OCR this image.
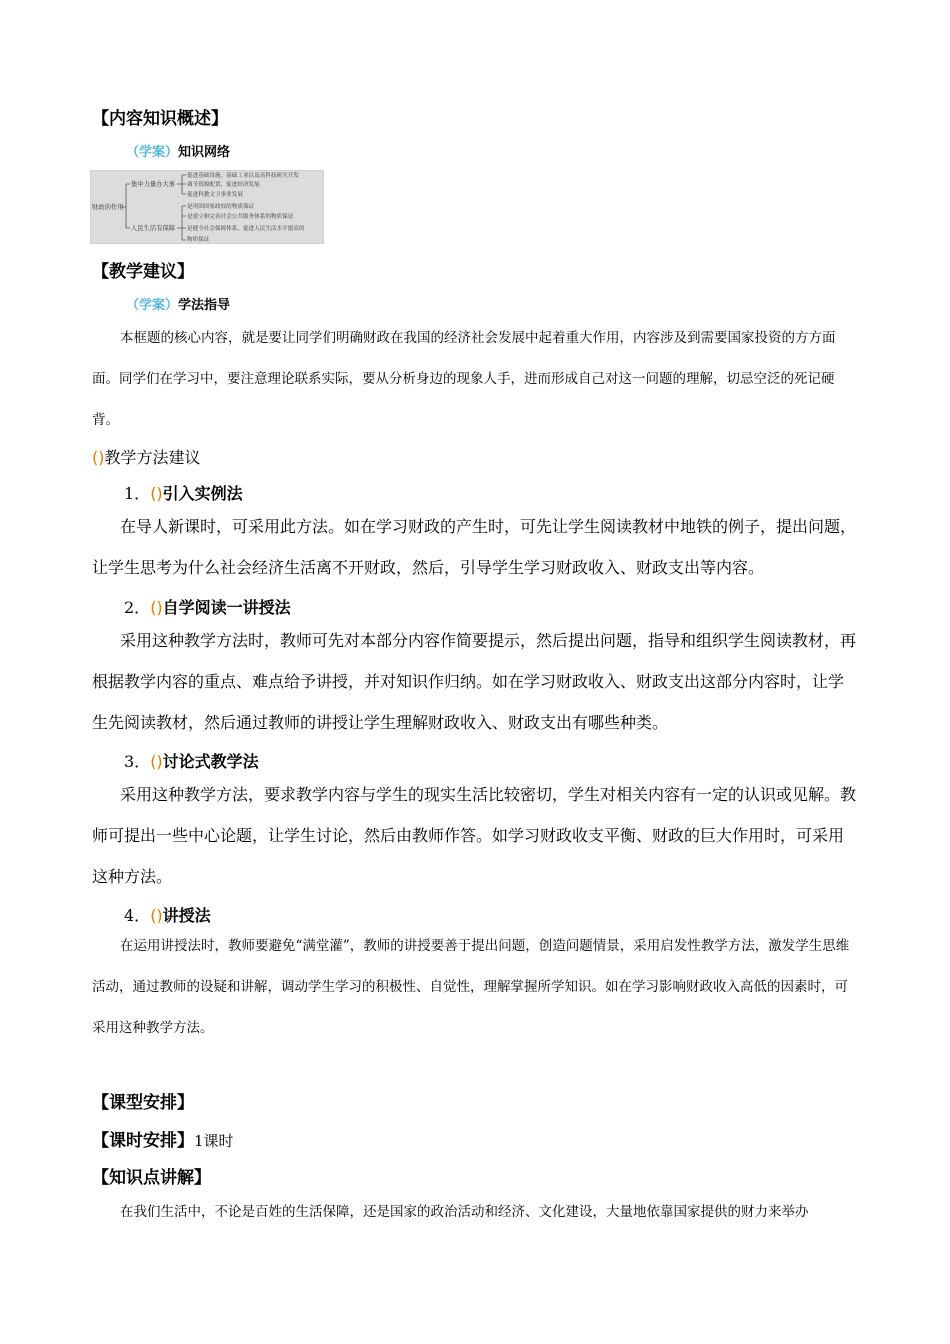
【内容知识概述】
（学案）知识网络
财政的作用
集中力量办大事
人民生活有保障
促进基础设施、基础工业以及高科技研究开发
调节资源配置，促进经济发展
促进科教文卫事业发展
是巩固国家政权的物质保证
是建立和完善社会公共服务体系的物质保证
是健全社会保障体系，促进人民生活水平提高的
物质保证
【教学建议】
（学案）学法指导
本框题的核心内容，就是要让同学们明确财政在我国的经济社会发展中起着重大作用，内容涉及到需要国家投资的方方面面。同学们在学习中，要注意理论联系实际，要从分析身边的现象人手，进而形成自己对这一问题的理解，切忌空泛的死记硬背。
()教学方法建议
1．()引入实例法
在导人新课时，可采用此方法。如在学习财政的产生时，可先让学生阅读教材中地铁的例子，提出问题，让学生思考为什么社会经济生活离不开财政，然后，引导学生学习财政收入、财政支出等内容。
2．()自学阅读一讲授法
采用这种教学方法时，教师可先对本部分内容作简要提示，然后提出问题，指导和组织学生阅读教材，再根据教学内容的重点、难点给予讲授，并对知识作归纳。如在学习财政收入、财政支出这部分内容时，让学生先阅读教材，然后通过教师的讲授让学生理解财政收入、财政支出有哪些种类。
3．()讨论式教学法
采用这种教学方法，要求教学内容与学生的现实生活比较密切，学生对相关内容有一定的认识或见解。教师可提出一些中心论题，让学生讨论，然后由教师作答。如学习财政收支平衡、财政的巨大作用时，可采用这种方法。
4．()讲授法
在运用讲授法时，教师要避免“满堂灌”，教师的讲授要善于提出问题，创造问题情景，采用启发性教学方法，激发学生思维活动，通过教师的设疑和讲解，调动学生学习的积极性、自觉性，理解掌握所学知识。如在学习影响财政收入高低的因素时，可采用这种教学方法。
【课型安排】
【课时安排】1课时
【知识点讲解】
在我们生活中，不论是百姓的生活保障，还是国家的政治活动和经济、文化建设，大量地依靠国家提供的财力来举办
